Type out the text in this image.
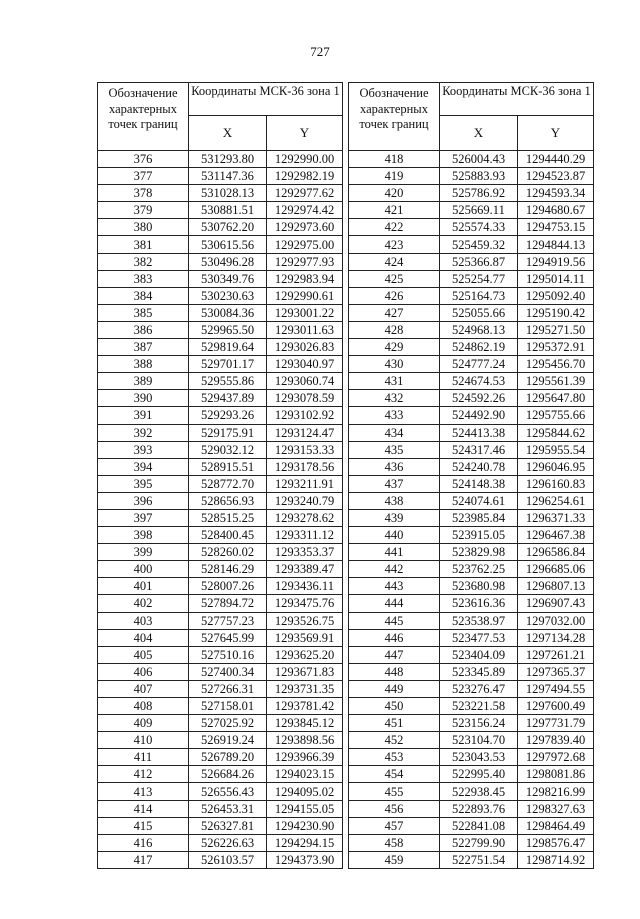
727
Обозначение характерных точек границ	Координаты МСК-36 зона 1	
	X	Y
376	531293.80	1292990.00
377	531147.36	1292982.19
378	531028.13	1292977.62
379	530881.51	1292974.42
380	530762.20	1292973.60
381	530615.56	1292975.00
382	530496.28	1292977.93
383	530349.76	1292983.94
384	530230.63	1292990.61
385	530084.36	1293001.22
386	529965.50	1293011.63
387	529819.64	1293026.83
388	529701.17	1293040.97
389	529555.86	1293060.74
390	529437.89	1293078.59
391	529293.26	1293102.92
392	529175.91	1293124.47
393	529032.12	1293153.33
394	528915.51	1293178.56
395	528772.70	1293211.91
396	528656.93	1293240.79
397	528515.25	1293278.62
398	528400.45	1293311.12
399	528260.02	1293353.37
400	528146.29	1293389.47
401	528007.26	1293436.11
402	527894.72	1293475.76
403	527757.23	1293526.75
404	527645.99	1293569.91
405	527510.16	1293625.20
406	527400.34	1293671.83
407	527266.31	1293731.35
408	527158.01	1293781.42
409	527025.92	1293845.12
410	526919.24	1293898.56
411	526789.20	1293966.39
412	526684.26	1294023.15
413	526556.43	1294095.02
414	526453.31	1294155.05
415	526327.81	1294230.90
416	526226.63	1294294.15
417	526103.57	1294373.90
Обозначение характерных точек границ	Координаты МСК-36 зона 1	
	X	Y
418	526004.43	1294440.29
419	525883.93	1294523.87
420	525786.92	1294593.34
421	525669.11	1294680.67
422	525574.33	1294753.15
423	525459.32	1294844.13
424	525366.87	1294919.56
425	525254.77	1295014.11
426	525164.73	1295092.40
427	525055.66	1295190.42
428	524968.13	1295271.50
429	524862.19	1295372.91
430	524777.24	1295456.70
431	524674.53	1295561.39
432	524592.26	1295647.80
433	524492.90	1295755.66
434	524413.38	1295844.62
435	524317.46	1295955.54
436	524240.78	1296046.95
437	524148.38	1296160.83
438	524074.61	1296254.61
439	523985.84	1296371.33
440	523915.05	1296467.38
441	523829.98	1296586.84
442	523762.25	1296685.06
443	523680.98	1296807.13
444	523616.36	1296907.43
445	523538.97	1297032.00
446	523477.53	1297134.28
447	523404.09	1297261.21
448	523345.89	1297365.37
449	523276.47	1297494.55
450	523221.58	1297600.49
451	523156.24	1297731.79
452	523104.70	1297839.40
453	523043.53	1297972.68
454	522995.40	1298081.86
455	522938.45	1298216.99
456	522893.76	1298327.63
457	522841.08	1298464.49
458	522799.90	1298576.47
459	522751.54	1298714.92
